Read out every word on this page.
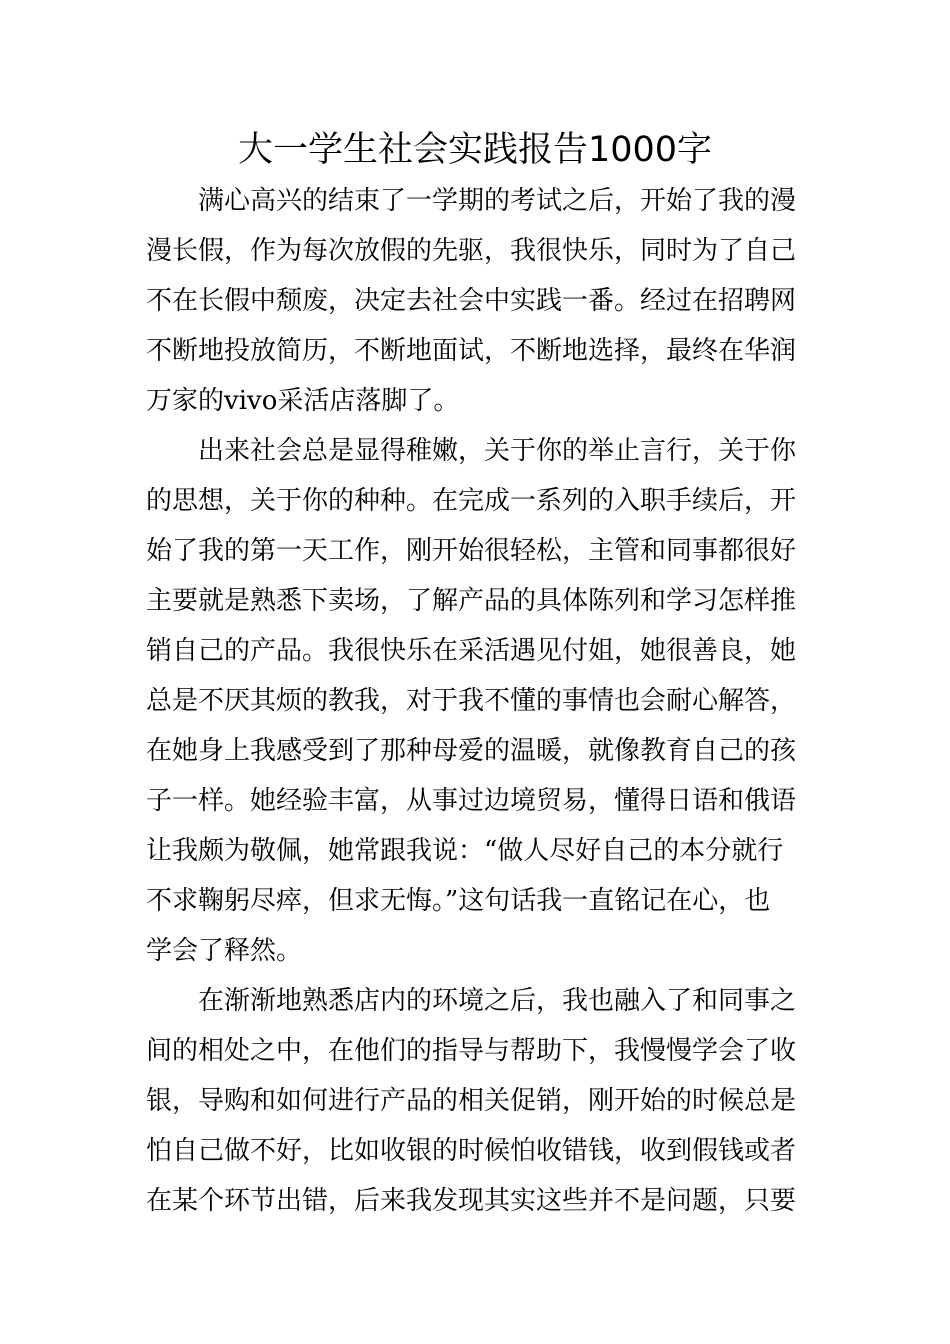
大一学生社会实践报告1000字

满心高兴的结束了一学期的考试之后，开始了我的漫
漫长假，作为每次放假的先驱，我很快乐，同时为了自己
不在长假中颓废，决定去社会中实践一番。经过在招聘网
不断地投放简历，不断地面试，不断地选择，最终在华润
万家的vivo采活店落脚了。

出来社会总是显得稚嫩，关于你的举止言行，关于你
的思想，关于你的种种。在完成一系列的入职手续后，开
始了我的第一天工作，刚开始很轻松，主管和同事都很好
主要就是熟悉下卖场，了解产品的具体陈列和学习怎样推
销自己的产品。我很快乐在采活遇见付姐，她很善良，她
总是不厌其烦的教我，对于我不懂的事情也会耐心解答，
在她身上我感受到了那种母爱的温暖，就像教育自己的孩
子一样。她经验丰富，从事过边境贸易，懂得日语和俄语
让我颇为敬佩，她常跟我说：“做人尽好自己的本分就行
不求鞠躬尽瘁，但求无悔。”这句话我一直铭记在心，也
学会了释然。

在渐渐地熟悉店内的环境之后，我也融入了和同事之
间的相处之中，在他们的指导与帮助下，我慢慢学会了收
银，导购和如何进行产品的相关促销，刚开始的时候总是
怕自己做不好，比如收银的时候怕收错钱，收到假钱或者
在某个环节出错，后来我发现其实这些并不是问题，只要
